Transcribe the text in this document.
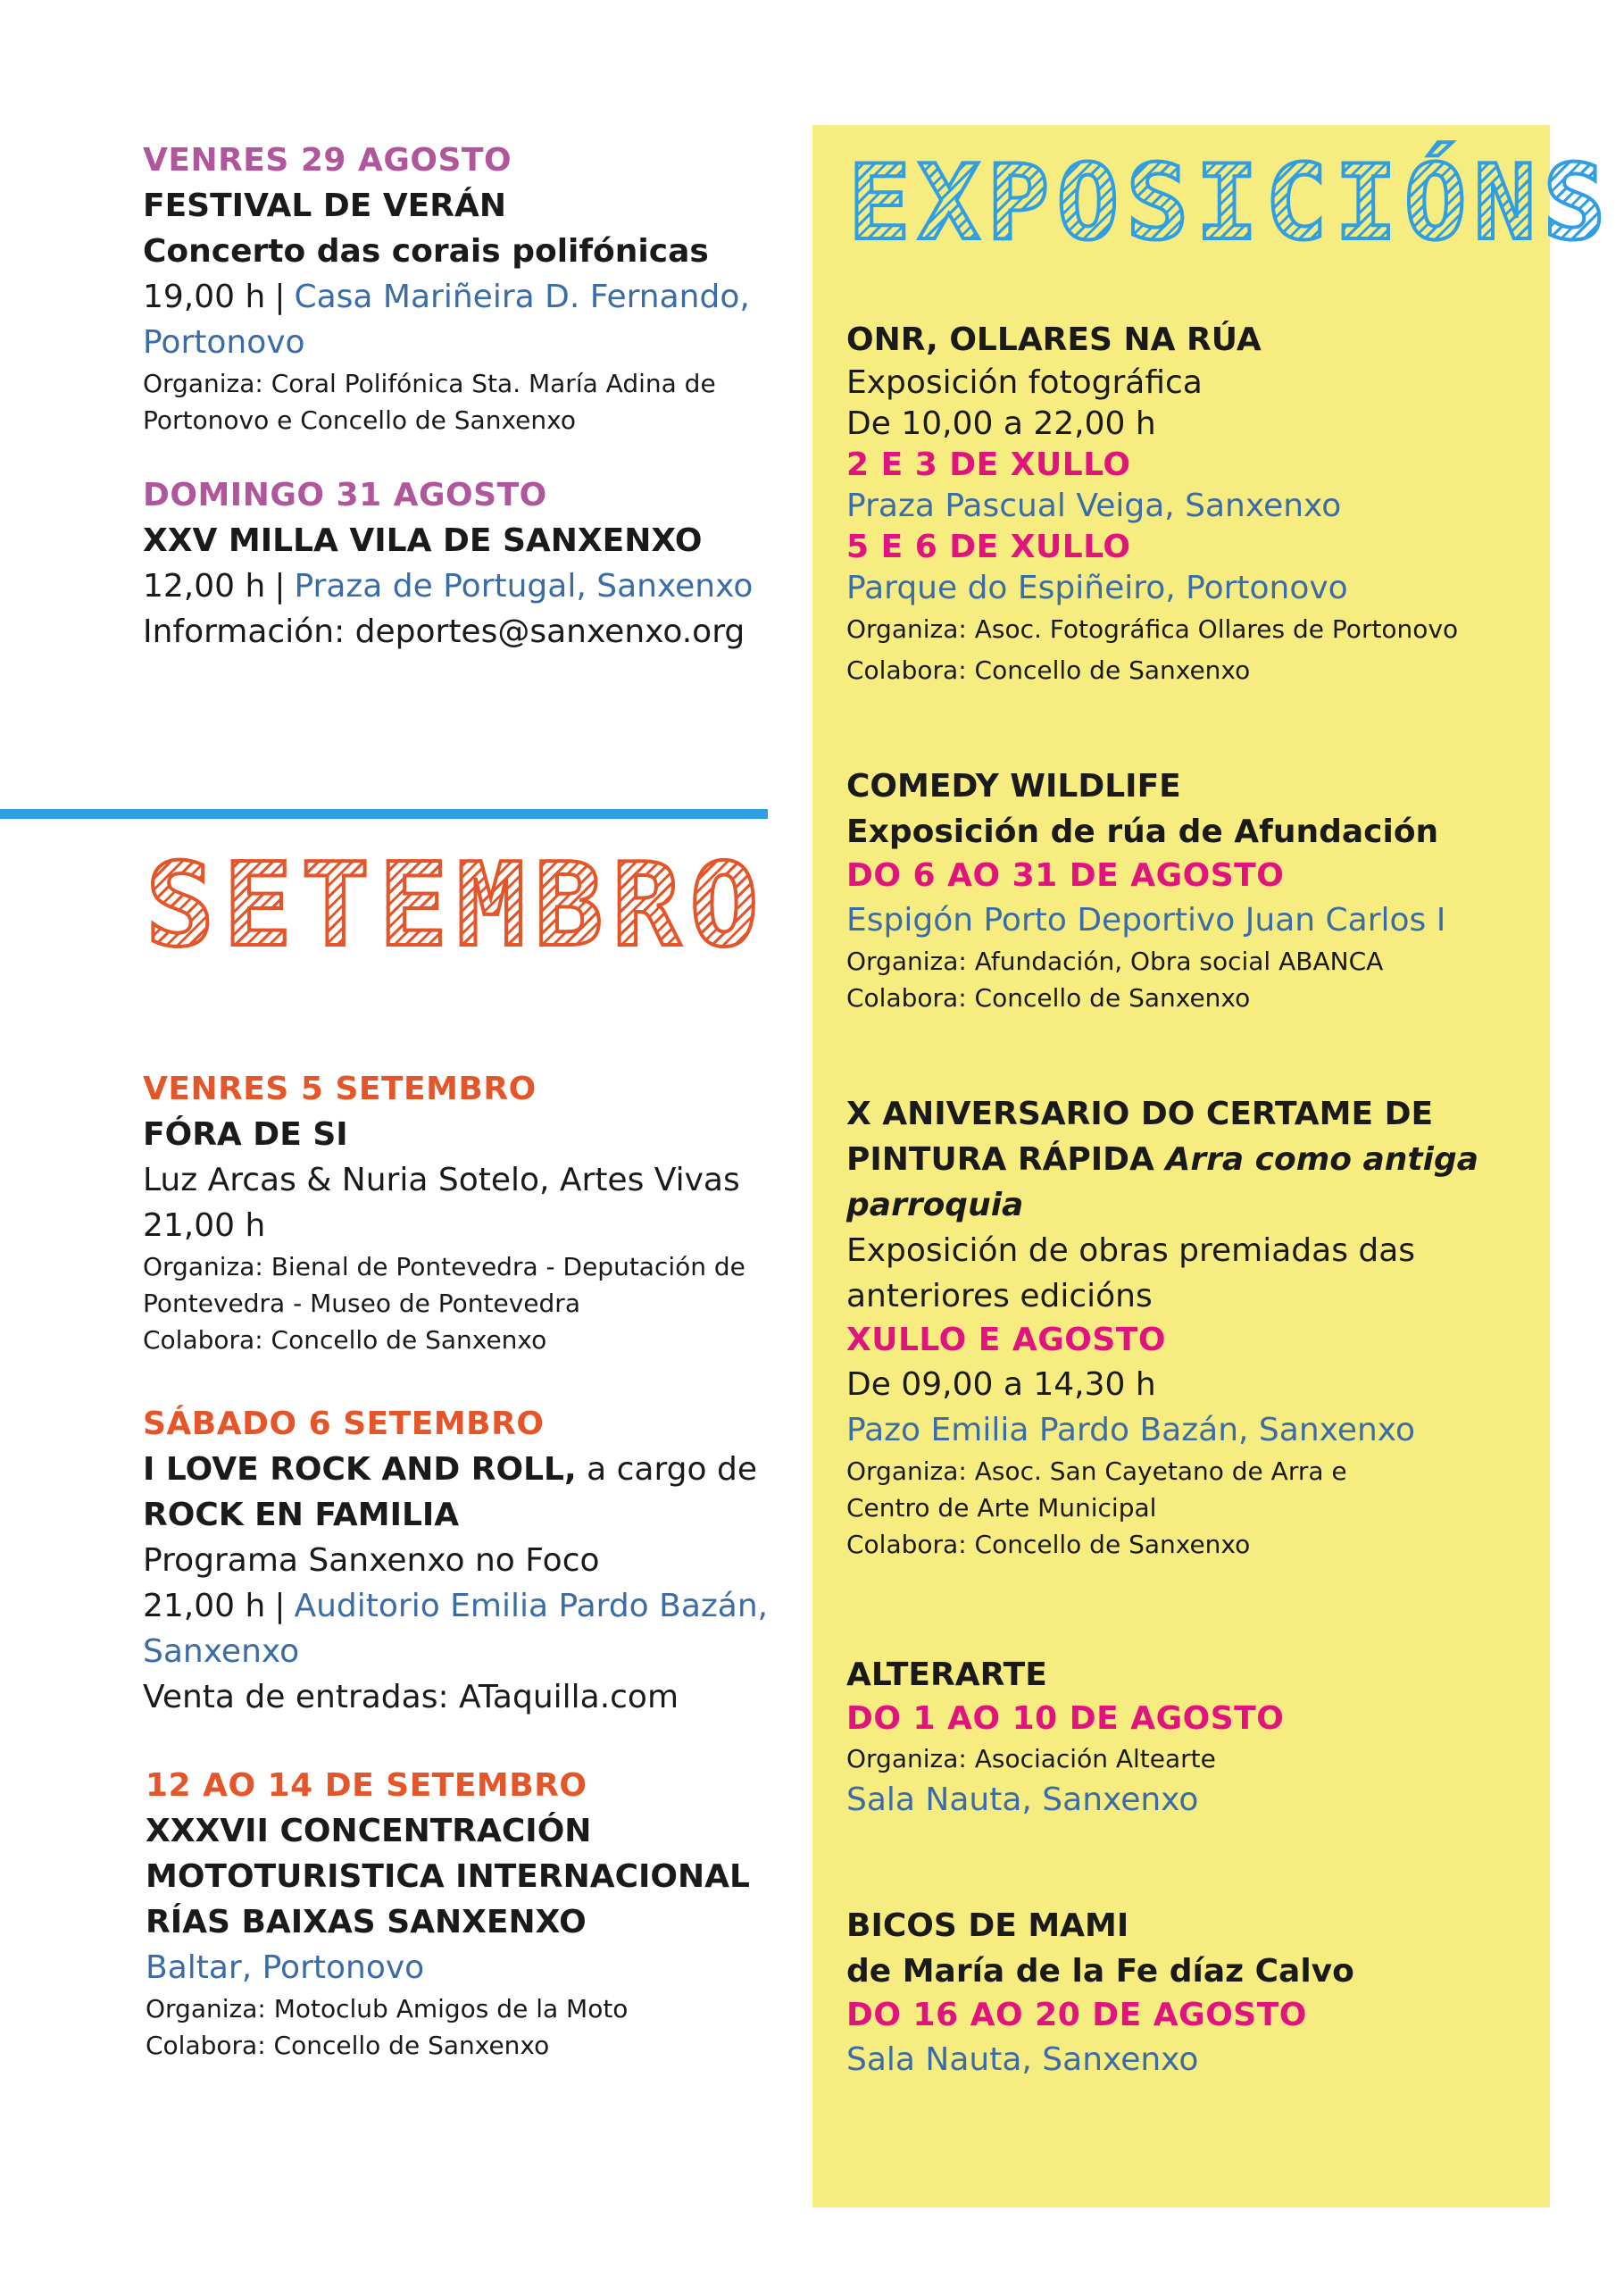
VENRES 29 AGOSTO
FESTIVAL DE VERÁN
Concerto das corais polifónicas
19,00 h | Casa Mariñeira D. Fernando,
Portonovo
Organiza: Coral Polifónica Sta. María Adina de
Portonovo e Concello de Sanxenxo
DOMINGO 31 AGOSTO
XXV MILLA VILA DE SANXENXO
12,00 h | Praza de Portugal, Sanxenxo
Información: deportes@sanxenxo.org
SETEMBRO
VENRES 5 SETEMBRO
FÓRA DE SI
Luz Arcas & Nuria Sotelo, Artes Vivas
21,00 h
Organiza: Bienal de Pontevedra - Deputación de
Pontevedra - Museo de Pontevedra
Colabora: Concello de Sanxenxo
SÁBADO 6 SETEMBRO
I LOVE ROCK AND ROLL, a cargo de
ROCK EN FAMILIA
Programa Sanxenxo no Foco
21,00 h | Auditorio Emilia Pardo Bazán,
Sanxenxo
Venta de entradas: ATaquilla.com
12 AO 14 DE SETEMBRO
XXXVII CONCENTRACIÓN
MOTOTURISTICA INTERNACIONAL
RÍAS BAIXAS SANXENXO
Baltar, Portonovo
Organiza: Motoclub Amigos de la Moto
Colabora: Concello de Sanxenxo
EXPOSICIÓNS
ONR, OLLARES NA RÚA
Exposición fotográfica
De 10,00 a 22,00 h
2 E 3 DE XULLO
Praza Pascual Veiga, Sanxenxo
5 E 6 DE XULLO
Parque do Espiñeiro, Portonovo
Organiza: Asoc. Fotográfica Ollares de Portonovo
Colabora: Concello de Sanxenxo
COMEDY WILDLIFE
Exposición de rúa de Afundación
DO 6 AO 31 DE AGOSTO
Espigón Porto Deportivo Juan Carlos I
Organiza: Afundación, Obra social ABANCA
Colabora: Concello de Sanxenxo
X ANIVERSARIO DO CERTAME DE
PINTURA RÁPIDA Arra como antiga
parroquia
Exposición de obras premiadas das
anteriores edicións
XULLO E AGOSTO
De 09,00 a 14,30 h
Pazo Emilia Pardo Bazán, Sanxenxo
Organiza: Asoc. San Cayetano de Arra e
Centro de Arte Municipal
Colabora: Concello de Sanxenxo
ALTERARTE
DO 1 AO 10 DE AGOSTO
Organiza: Asociación Altearte
Sala Nauta, Sanxenxo
BICOS DE MAMI
de María de la Fe díaz Calvo
DO 16 AO 20 DE AGOSTO
Sala Nauta, Sanxenxo
